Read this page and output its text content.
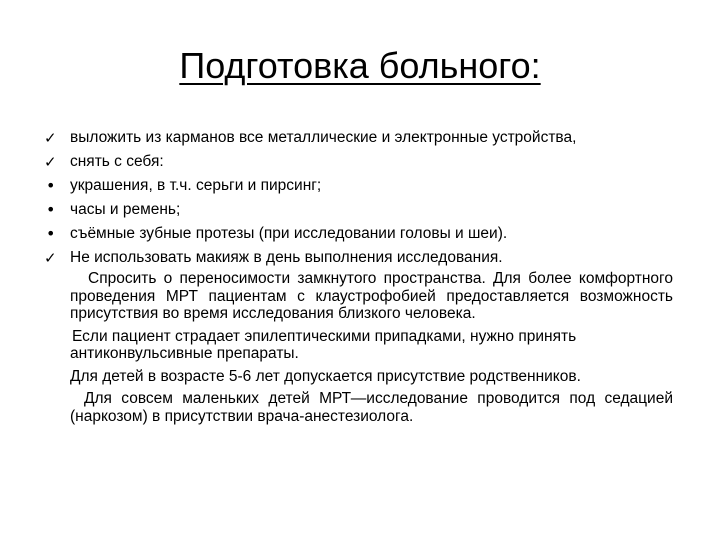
Подготовка больного:
✓ выложить из карманов все металлические и электронные устройства,
✓ снять с себя:
• украшения, в т.ч. серьги и пирсинг;
• часы и ремень;
• съёмные зубные протезы (при исследовании головы и шеи).
✓ Не использовать макияж в день выполнения исследования.

Спросить о переносимости замкнутого пространства. Для более комфортного проведения МРТ пациентам с клаустрофобией предоставляется возможность присутствия во время исследования близкого человека.

Если пациент страдает эпилептическими припадками, нужно принять антиконвульсивные препараты.

Для детей в возрасте 5-6 лет допускается присутствие родственников.

Для совсем маленьких детей МРТ—исследование проводится под седацией (наркозом) в присутствии врача-анестезиолога.
